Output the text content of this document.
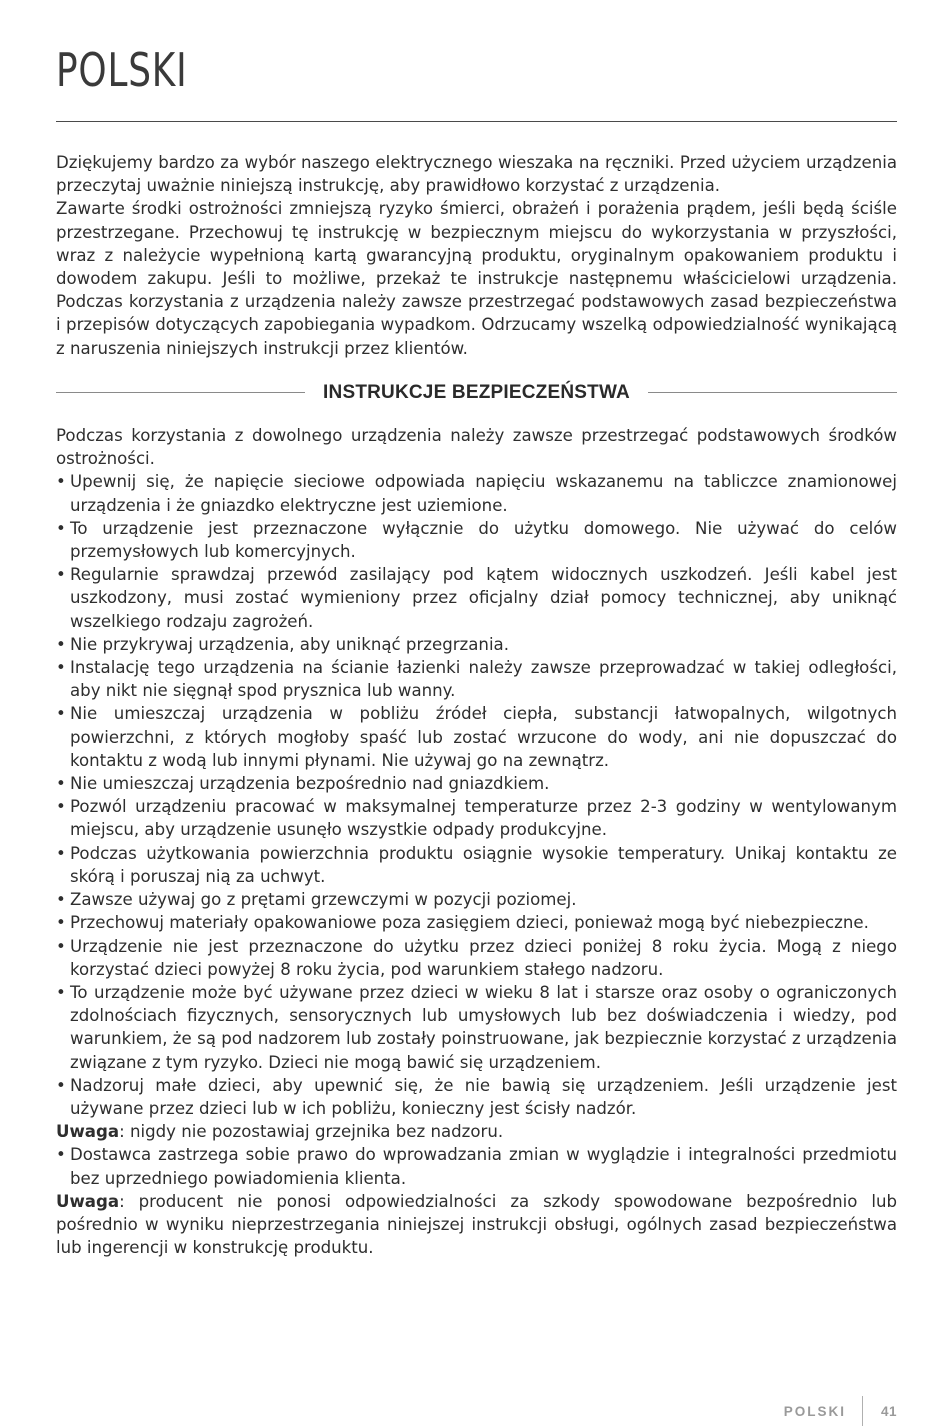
POLSKI

Dziękujemy bardzo za wybór naszego elektrycznego wieszaka na ręczniki. Przed użyciem urządzenia przeczytaj uważnie niniejszą instrukcję, aby prawidłowo korzystać z urządzenia.

Zawarte środki ostrożności zmniejszą ryzyko śmierci, obrażeń i porażenia prądem, jeśli będą ściśle przestrzegane. Przechowuj tę instrukcję w bezpiecznym miejscu do wykorzystania w przyszłości, wraz z należycie wypełnioną kartą gwarancyjną produktu, oryginalnym opakowaniem produktu i dowodem zakupu. Jeśli to możliwe, przekaż te instrukcje następnemu właścicielowi urządzenia. Podczas korzystania z urządzenia należy zawsze przestrzegać podstawowych zasad bezpieczeństwa i przepisów dotyczących zapobiegania wypadkom. Odrzucamy wszelką odpowiedzialność wynikającą z naruszenia niniejszych instrukcji przez klientów.

INSTRUKCJE BEZPIECZEŃSTWA

Podczas korzystania z dowolnego urządzenia należy zawsze przestrzegać podstawowych środków ostrożności.

• Upewnij się, że napięcie sieciowe odpowiada napięciu wskazanemu na tabliczce znamionowej urządzenia i że gniazdko elektryczne jest uziemione.
• To urządzenie jest przeznaczone wyłącznie do użytku domowego. Nie używać do celów przemysłowych lub komercyjnych.
• Regularnie sprawdzaj przewód zasilający pod kątem widocznych uszkodzeń. Jeśli kabel jest uszkodzony, musi zostać wymieniony przez oficjalny dział pomocy technicznej, aby uniknąć wszelkiego rodzaju zagrożeń.
• Nie przykrywaj urządzenia, aby uniknąć przegrzania.
• Instalację tego urządzenia na ścianie łazienki należy zawsze przeprowadzać w takiej odległości, aby nikt nie sięgnął spod prysznica lub wanny.
• Nie umieszczaj urządzenia w pobliżu źródeł ciepła, substancji łatwopalnych, wilgotnych powierzchni, z których mogłoby spaść lub zostać wrzucone do wody, ani nie dopuszczać do kontaktu z wodą lub innymi płynami. Nie używaj go na zewnątrz.
• Nie umieszczaj urządzenia bezpośrednio nad gniazdkiem.
• Pozwól urządzeniu pracować w maksymalnej temperaturze przez 2-3 godziny w wentylowanym miejscu, aby urządzenie usunęło wszystkie odpady produkcyjne.
• Podczas użytkowania powierzchnia produktu osiągnie wysokie temperatury. Unikaj kontaktu ze skórą i poruszaj nią za uchwyt.
• Zawsze używaj go z prętami grzewczymi w pozycji poziomej.
• Przechowuj materiały opakowaniowe poza zasięgiem dzieci, ponieważ mogą być niebezpieczne.
• Urządzenie nie jest przeznaczone do użytku przez dzieci poniżej 8 roku życia. Mogą z niego korzystać dzieci powyżej 8 roku życia, pod warunkiem stałego nadzoru.
• To urządzenie może być używane przez dzieci w wieku 8 lat i starsze oraz osoby o ograniczonych zdolnościach fizycznych, sensorycznych lub umysłowych lub bez doświadczenia i wiedzy, pod warunkiem, że są pod nadzorem lub zostały poinstruowane, jak bezpiecznie korzystać z urządzenia związane z tym ryzyko. Dzieci nie mogą bawić się urządzeniem.
• Nadzoruj małe dzieci, aby upewnić się, że nie bawią się urządzeniem. Jeśli urządzenie jest używane przez dzieci lub w ich pobliżu, konieczny jest ścisły nadzór.

Uwaga: nigdy nie pozostawiaj grzejnika bez nadzoru.

• Dostawca zastrzega sobie prawo do wprowadzania zmian w wyglądzie i integralności przedmiotu bez uprzedniego powiadomienia klienta.

Uwaga: producent nie ponosi odpowiedzialności za szkody spowodowane bezpośrednio lub pośrednio w wyniku nieprzestrzegania niniejszej instrukcji obsługi, ogólnych zasad bezpieczeństwa lub ingerencji w konstrukcję produktu.

POLSKI	41
